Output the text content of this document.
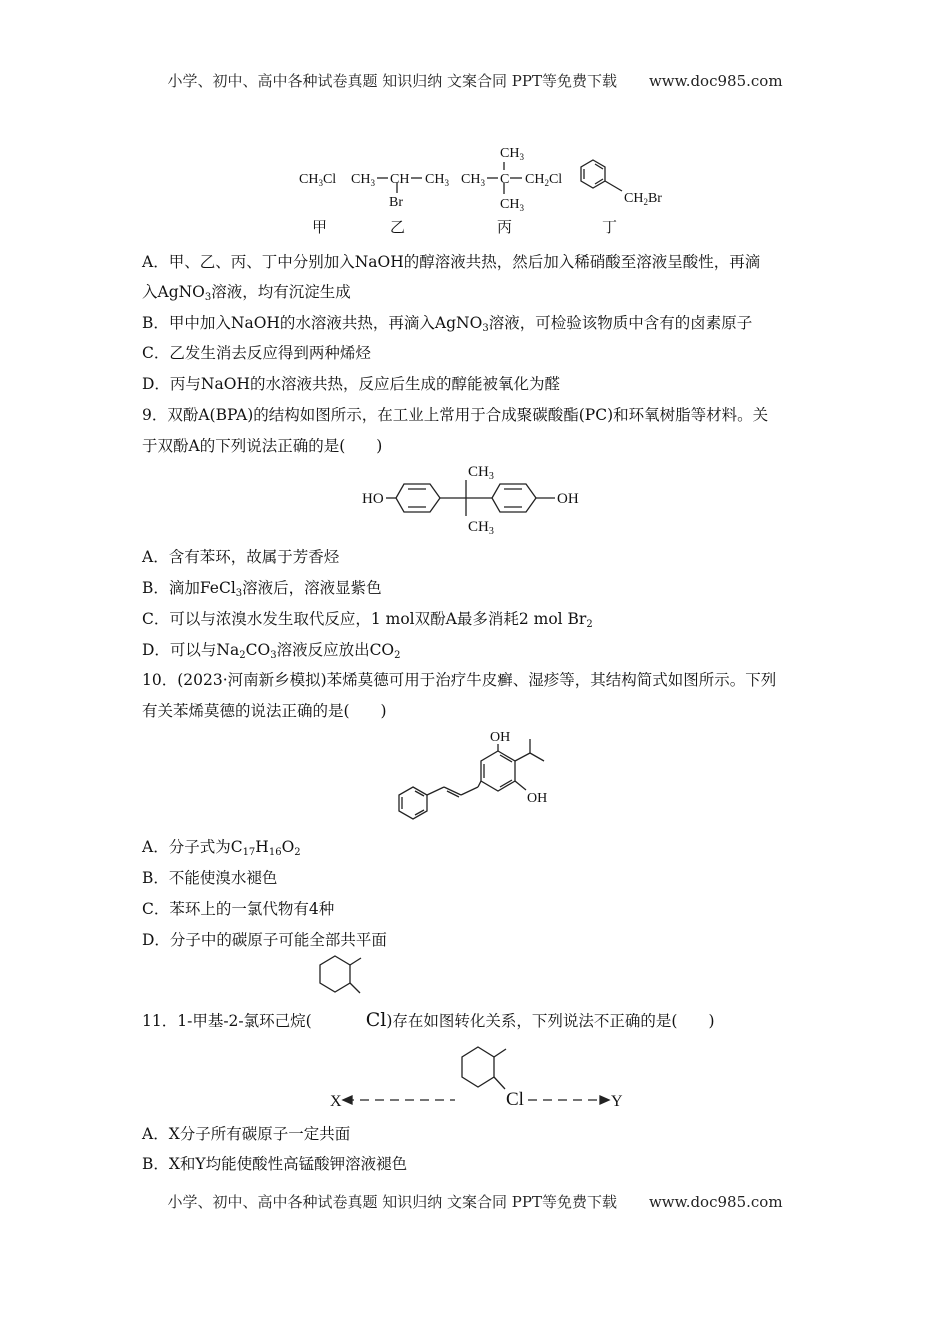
小学、初中、高中各种试卷真题 知识归纳 文案合同 PPT等免费下载 www.doc985.com
$CH_3Cl$ $CH_3$ CH $CH_3$
Br
$CH_3$ C $CH_2Cl$
$CH_3$
$CH_3$
$CH_2Br$
甲	乙	丙	丁
A．甲、乙、丙、丁中分别加入NaOH的醇溶液共热，然后加入稀硝酸至溶液呈酸性，再滴
入AgNO$_3$溶液，均有沉淀生成
B．甲中加入NaOH的水溶液共热，再滴入AgNO$_3$溶液，可检验该物质中含有的卤素原子
C．乙发生消去反应得到两种烯烃
D．丙与NaOH的水溶液共热，反应后生成的醇能被氧化为醛
9．双酚A(BPA)的结构如图所示，在工业上常用于合成聚碳酸酯(PC)和环氧树脂等材料。关
于双酚A的下列说法正确的是(　　)
HO	OH
$CH_3$
$CH_3$
A．含有苯环，故属于芳香烃
B．滴加FeCl$_3$溶液后，溶液显紫色
C．可以与浓溴水发生取代反应，1 mol双酚A最多消耗2 mol $Br_2$
D．可以与$Na_2CO_3$溶液反应放出$CO_2$
10．(2023·河南新乡模拟)苯烯莫德可用于治疗牛皮癣、湿疹等，其结构简式如图所示。下列
有关苯烯莫德的说法正确的是(　　)
OH
OH
A．分子式为$C_{17}H_{16}O_2$
B．不能使溴水褪色
C．苯环上的一氯代物有4种
D．分子中的碳原子可能全部共平面
11．1-甲基-2-氯环己烷(	Cl)存在如图转化关系，下列说法不正确的是(　　)
X	Cl	Y
A．X分子所有碳原子一定共面
B．X和Y均能使酸性高锰酸钾溶液褪色
小学、初中、高中各种试卷真题 知识归纳 文案合同 PPT等免费下载 www.doc985.com
